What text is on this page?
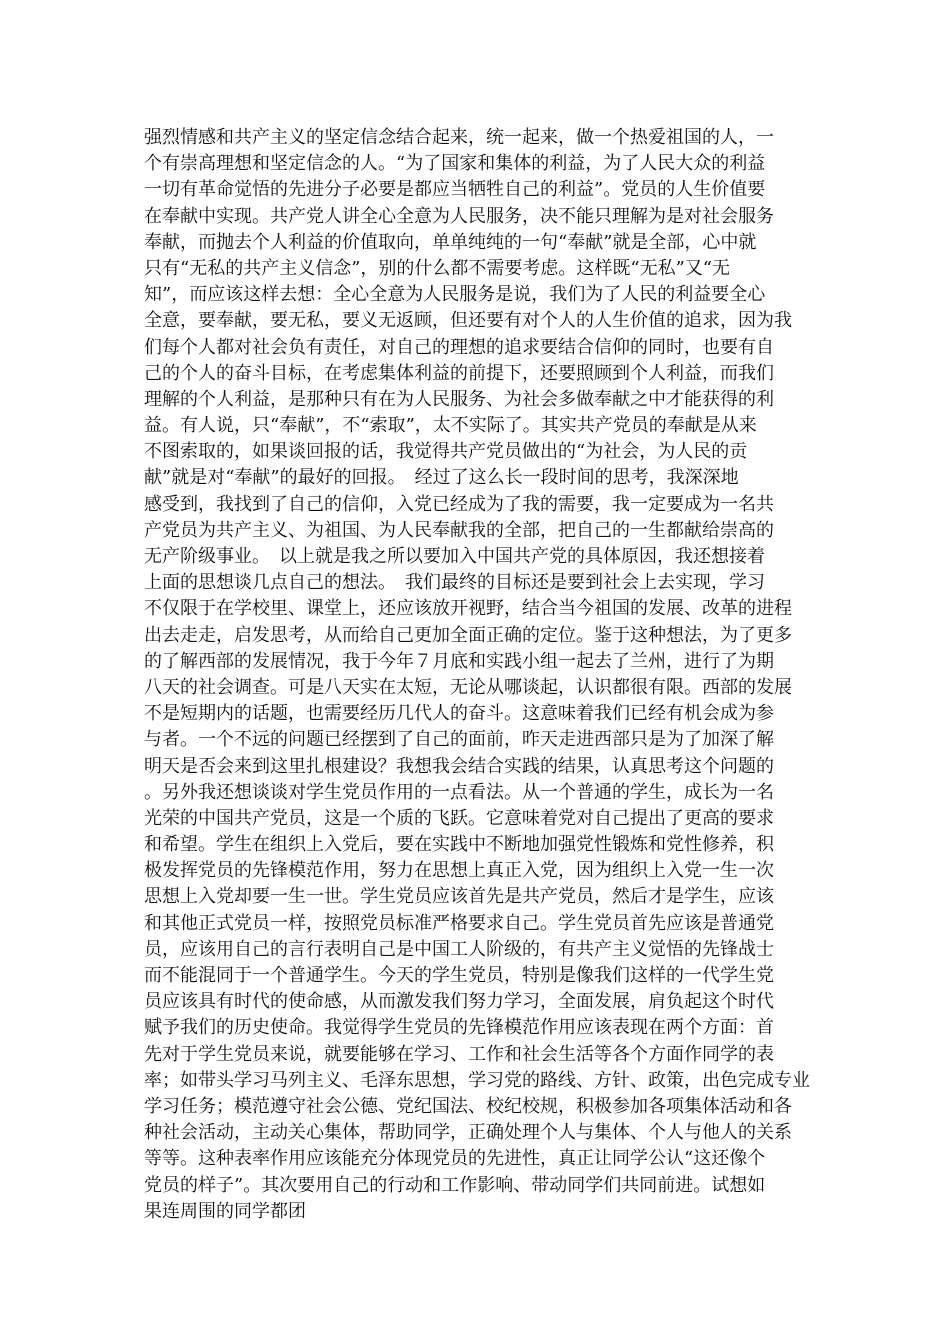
强烈情感和共产主义的坚定信念结合起来，统一起来，做一个热爱祖国的人，一
个有崇高理想和坚定信念的人。“为了国家和集体的利益，为了人民大众的利益
一切有革命觉悟的先进分子必要是都应当牺牲自己的利益”。党员的人生价值要
在奉献中实现。共产党人讲全心全意为人民服务，决不能只理解为是对社会服务
奉献，而抛去个人利益的价值取向，单单纯纯的一句“奉献”就是全部，心中就
只有“无私的共产主义信念”，别的什么都不需要考虑。这样既“无私”又“无
知”，而应该这样去想：全心全意为人民服务是说，我们为了人民的利益要全心
全意，要奉献，要无私，要义无返顾，但还要有对个人的人生价值的追求，因为我
们每个人都对社会负有责任，对自己的理想的追求要结合信仰的同时，也要有自
己的个人的奋斗目标，在考虑集体利益的前提下，还要照顾到个人利益，而我们
理解的个人利益，是那种只有在为人民服务、为社会多做奉献之中才能获得的利
益。有人说，只“奉献”，不“索取”，太不实际了。其实共产党员的奉献是从来
不图索取的，如果谈回报的话，我觉得共产党员做出的“为社会，为人民的贡
献”就是对“奉献”的最好的回报。　经过了这么长一段时间的思考，我深深地
感受到，我找到了自己的信仰，入党已经成为了我的需要，我一定要成为一名共
产党员为共产主义、为祖国、为人民奉献我的全部，把自己的一生都献给崇高的
无产阶级事业。　以上就是我之所以要加入中国共产党的具体原因，我还想接着
上面的思想谈几点自己的想法。　我们最终的目标还是要到社会上去实现，学习
不仅限于在学校里、课堂上，还应该放开视野，结合当今祖国的发展、改革的进程
出去走走，启发思考，从而给自己更加全面正确的定位。鉴于这种想法，为了更多
的了解西部的发展情况，我于今年７月底和实践小组一起去了兰州，进行了为期
八天的社会调查。可是八天实在太短，无论从哪谈起，认识都很有限。西部的发展
不是短期内的话题，也需要经历几代人的奋斗。这意味着我们已经有机会成为参
与者。一个不远的问题已经摆到了自己的面前，昨天走进西部只是为了加深了解
明天是否会来到这里扎根建设？我想我会结合实践的结果，认真思考这个问题的
。另外我还想谈谈对学生党员作用的一点看法。从一个普通的学生，成长为一名
光荣的中国共产党员，这是一个质的飞跃。它意味着党对自己提出了更高的要求
和希望。学生在组织上入党后，要在实践中不断地加强党性锻炼和党性修养，积
极发挥党员的先锋模范作用，努力在思想上真正入党，因为组织上入党一生一次
思想上入党却要一生一世。学生党员应该首先是共产党员，然后才是学生，应该
和其他正式党员一样，按照党员标准严格要求自己。学生党员首先应该是普通党
员，应该用自己的言行表明自己是中国工人阶级的，有共产主义觉悟的先锋战士
而不能混同于一个普通学生。今天的学生党员，特别是像我们这样的一代学生党
员应该具有时代的使命感，从而激发我们努力学习，全面发展，肩负起这个时代
赋予我们的历史使命。我觉得学生党员的先锋模范作用应该表现在两个方面：首
先对于学生党员来说，就要能够在学习、工作和社会生活等各个方面作同学的表
率；如带头学习马列主义、毛泽东思想，学习党的路线、方针、政策，出色完成专业
学习任务；模范遵守社会公德、党纪国法、校纪校规，积极参加各项集体活动和各
种社会活动，主动关心集体，帮助同学，正确处理个人与集体、个人与他人的关系
等等。这种表率作用应该能充分体现党员的先进性，真正让同学公认“这还像个
党员的样子”。其次要用自己的行动和工作影响、带动同学们共同前进。试想如
果连周围的同学都团
